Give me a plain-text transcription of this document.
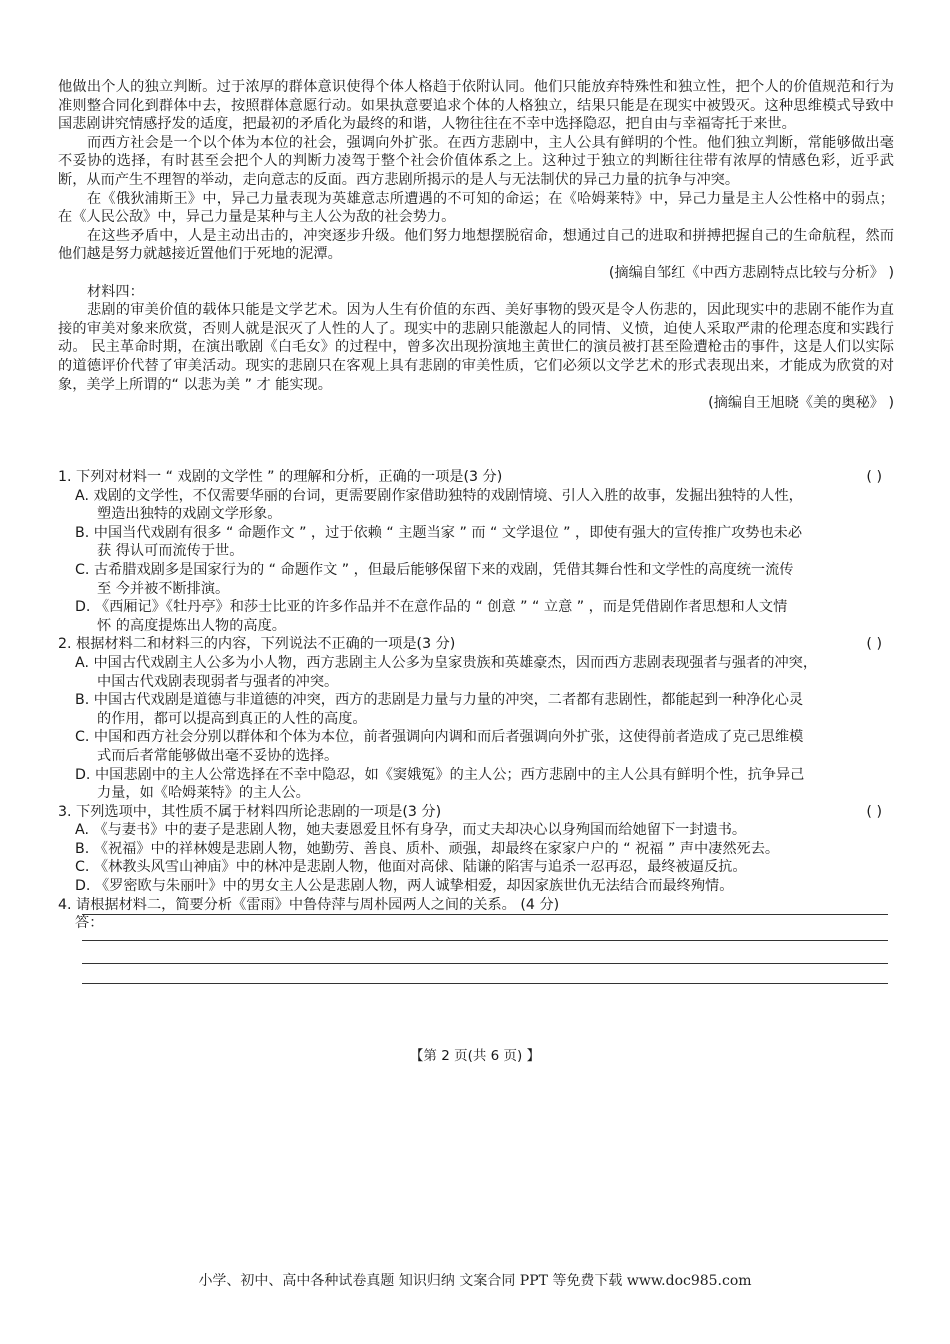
他做出个人的独立判断。过于浓厚的群体意识使得个体人格趋于依附认同。他们只能放弃特殊性和独立性，把个人的价值规范和行为准则整合同化到群体中去，按照群体意愿行动。如果执意要追求个体的人格独立，结果只能是在现实中被毁灭。这种思维模式导致中国悲剧讲究情感抒发的适度，把最初的矛盾化为最终的和谐，人物往往在不幸中选择隐忍，把自由与幸福寄托于来世。

而西方社会是一个以个体为本位的社会，强调向外扩张。在西方悲剧中，主人公具有鲜明的个性。他们独立判断，常能够做出毫不妥协的选择，有时甚至会把个人的判断力凌驾于整个社会价值体系之上。这种过于独立的判断往往带有浓厚的情感色彩，近乎武断，从而产生不理智的举动，走向意志的反面。西方悲剧所揭示的是人与无法制伏的异己力量的抗争与冲突。

在《俄狄浦斯王》中，异己力量表现为英雄意志所遭遇的不可知的命运；在《哈姆莱特》中，异己力量是主人公性格中的弱点；在《人民公敌》中，异己力量是某种与主人公为敌的社会势力。

在这些矛盾中，人是主动出击的，冲突逐步升级。他们努力地想摆脱宿命，想通过自己的进取和拼搏把握自己的生命航程，然而他们越是努力就越接近置他们于死地的泥潭。

(摘编自邹红《中西方悲剧特点比较与分析》 )

材料四：

悲剧的审美价值的载体只能是文学艺术。因为人生有价值的东西、美好事物的毁灭是令人伤悲的，因此现实中的悲剧不能作为直接的审美对象来欣赏，否则人就是泯灭了人性的人了。现实中的悲剧只能激起人的同情、义愤，迫使人采取严肃的伦理态度和实践行动。 民主革命时期，在演出歌剧《白毛女》的过程中，曾多次出现扮演地主黄世仁的演员被打甚至险遭枪击的事件，这是人们以实际的道德评价代替了审美活动。现实的悲剧只在客观上具有悲剧的审美性质，它们必须以文学艺术的形式表现出来，才能成为欣赏的对象，美学上所谓的“ 以悲为美 ” 才 能实现。

(摘编自王旭晓《美的奥秘》 )

1. 下列对材料一 “ 戏剧的文学性 ” 的理解和分析，正确的一项是(3 分)	( )

A. 戏剧的文学性，不仅需要华丽的台词，更需要剧作家借助独特的戏剧情境、引人入胜的故事，发掘出独特的人性，
塑造出独特的戏剧文学形象。

B. 中国当代戏剧有很多 “ 命题作文 ” ，过于依赖 “ 主题当家 ” 而 “ 文学退位 ” ，即使有强大的宣传推广攻势也未必
获 得认可而流传于世。

C. 古希腊戏剧多是国家行为的 “ 命题作文 ” ，但最后能够保留下来的戏剧，凭借其舞台性和文学性的高度统一流传
至 今并被不断排演。

D. 《西厢记》《牡丹亭》和莎士比亚的许多作品并不在意作品的 “ 创意 ” “ 立意 ” ，而是凭借剧作者思想和人文情
怀 的高度提炼出人物的高度。

2. 根据材料二和材料三的内容，下列说法不正确的一项是(3 分)	( )

A. 中国古代戏剧主人公多为小人物，西方悲剧主人公多为皇家贵族和英雄豪杰，因而西方悲剧表现强者与强者的冲突，
中国古代戏剧表现弱者与强者的冲突。

B. 中国古代戏剧是道德与非道德的冲突，西方的悲剧是力量与力量的冲突，二者都有悲剧性，都能起到一种净化心灵
的作用，都可以提高到真正的人性的高度。

C. 中国和西方社会分别以群体和个体为本位，前者强调向内调和而后者强调向外扩张，这使得前者造成了克己思维模
式而后者常能够做出毫不妥协的选择。

D. 中国悲剧中的主人公常选择在不幸中隐忍，如《窦娥冤》的主人公；西方悲剧中的主人公具有鲜明个性，抗争异己
力量，如《哈姆莱特》的主人公。

3. 下列选项中，其性质不属于材料四所论悲剧的一项是(3 分)	( )

A. 《与妻书》中的妻子是悲剧人物，她夫妻恩爱且怀有身孕，而丈夫却决心以身殉国而给她留下一封遗书。

B. 《祝福》中的祥林嫂是悲剧人物，她勤劳、善良、质朴、顽强，却最终在家家户户的 “ 祝福 ” 声中凄然死去。

C. 《林教头风雪山神庙》中的林冲是悲剧人物，他面对高俅、陆谦的陷害与追杀一忍再忍，最终被逼反抗。

D. 《罗密欧与朱丽叶》中的男女主人公是悲剧人物，两人诚挚相爱，却因家族世仇无法结合而最终殉情。

4. 请根据材料二，简要分析《雷雨》中鲁侍萍与周朴园两人之间的关系。 (4 分)

答：

【第 2 页(共 6 页) 】
小学、初中、高中各种试卷真题 知识归纳 文案合同 PPT 等免费下载 www.doc985.com
